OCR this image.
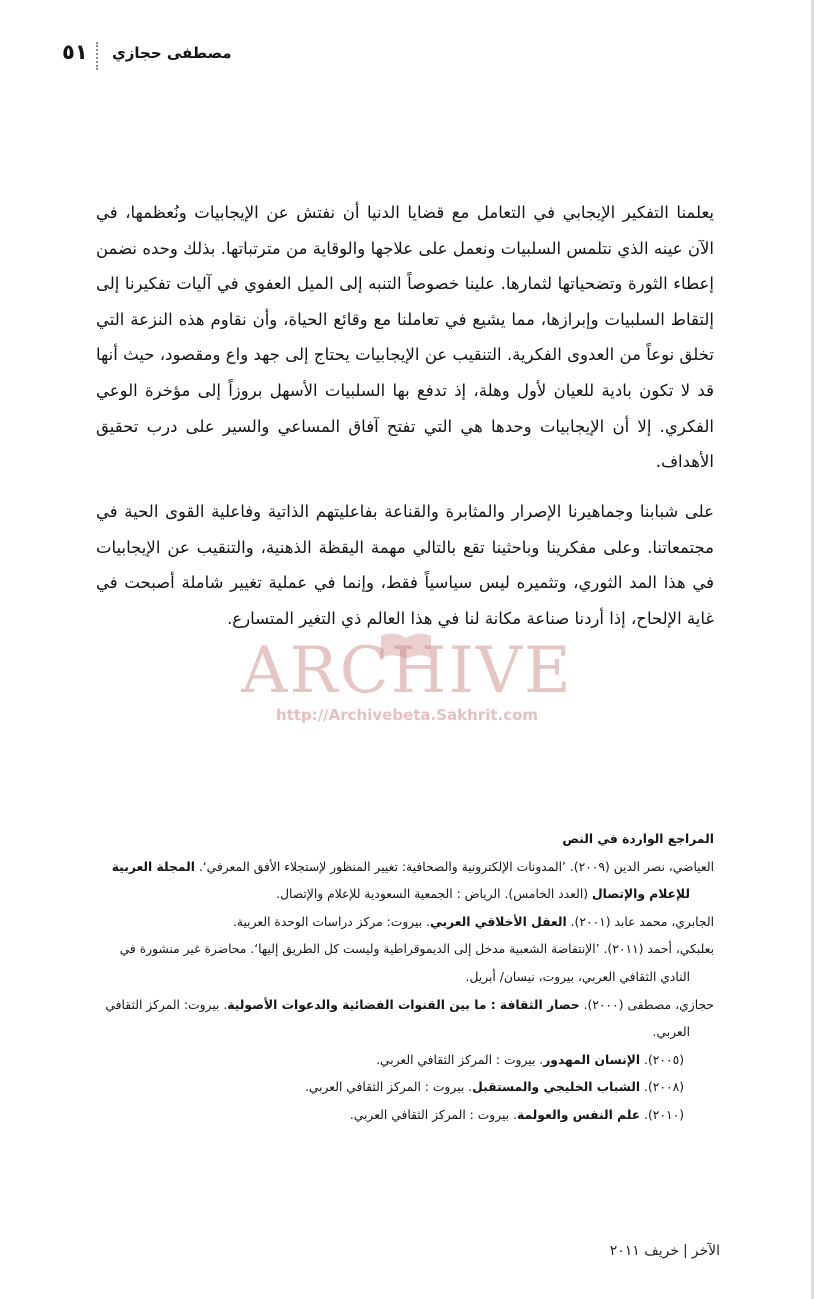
٥١ مصطفى حجازي

يعلمنا التفكير الإيجابي في التعامل مع قضايا الدنيا أن نفتش عن الإيجابيات ونُعظمها، في الآن عينه الذي نتلمس السلبيات ونعمل على علاجها والوقاية من مترتباتها. بذلك وحده نضمن إعطاء الثورة وتضحياتها لثمارها. علينا خصوصاً التنبه إلى الميل العفوي في آليات تفكيرنا إلى إلتقاط السلبيات وإبرازها، مما يشيع في تعاملنا مع وقائع الحياة، وأن نقاوم هذه النزعة التي تخلق نوعاً من العدوى الفكرية. التنقيب عن الإيجابيات يحتاج إلى جهد واع ومقصود، حيث أنها قد لا تكون بادية للعيان لأول وهلة، إذ تدفع بها السلبيات الأسهل بروزاً إلى مؤخرة الوعي الفكري. إلا أن الإيجابيات وحدها هي التي تفتح آفاق المساعي والسير على درب تحقيق الأهداف.

على شبابنا وجماهيرنا الإصرار والمثابرة والقناعة بفاعليتهم الذاتية وفاعلية القوى الحية في مجتمعاتنا. وعلى مفكرينا وباحثينا تقع بالتالي مهمة اليقظة الذهنية، والتنقيب عن الإيجابيات في هذا المد الثوري، وتثميره ليس سياسياً فقط، وإنما في عملية تغيير شاملة أصبحت في غاية الإلحاح، إذا أردنا صناعة مكانة لنا في هذا العالم ذي التغير المتسارع.

ARCHIVE
http://Archivebeta.Sakhrit.com
المراجع الواردة في النص

العياضي، نصر الدين (٢٠٠٩). ’المدونات الإلكترونية والصحافية: تغيير المنظور لإستجلاء الأفق المعرفي‘. المجلة العربية للإعلام والإتصال (العدد الخامس). الرياض : الجمعية السعودية للإعلام والإتصال.

الجابري، محمد عابد (٢٠٠١). العقل الأخلاقي العربي. بيروت: مركز دراسات الوحدة العربية.

بعلبكي، أحمد (٢٠١١). ’الإنتفاضة الشعبية مدخل إلى الديموقراطية وليست كل الطريق إليها‘. محاضرة غير منشورة في النادي الثقافي العربي، بيروت، نيسان/ أبريل.

حجازي، مصطفى (٢٠٠٠). حصار الثقافة : ما بين القنوات الفضائية والدعوات الأصولية. بيروت: المركز الثقافي العربي.

(٢٠٠٥). الإنسان المهدور. بيروت : المركز الثقافي العربي.

(٢٠٠٨). الشباب الخليجي والمستقبل. بيروت : المركز الثقافي العربي.

(٢٠١٠). علم النفس والعولمة. بيروت : المركز الثقافي العربي.

الآخر|خريف ٢٠١١
